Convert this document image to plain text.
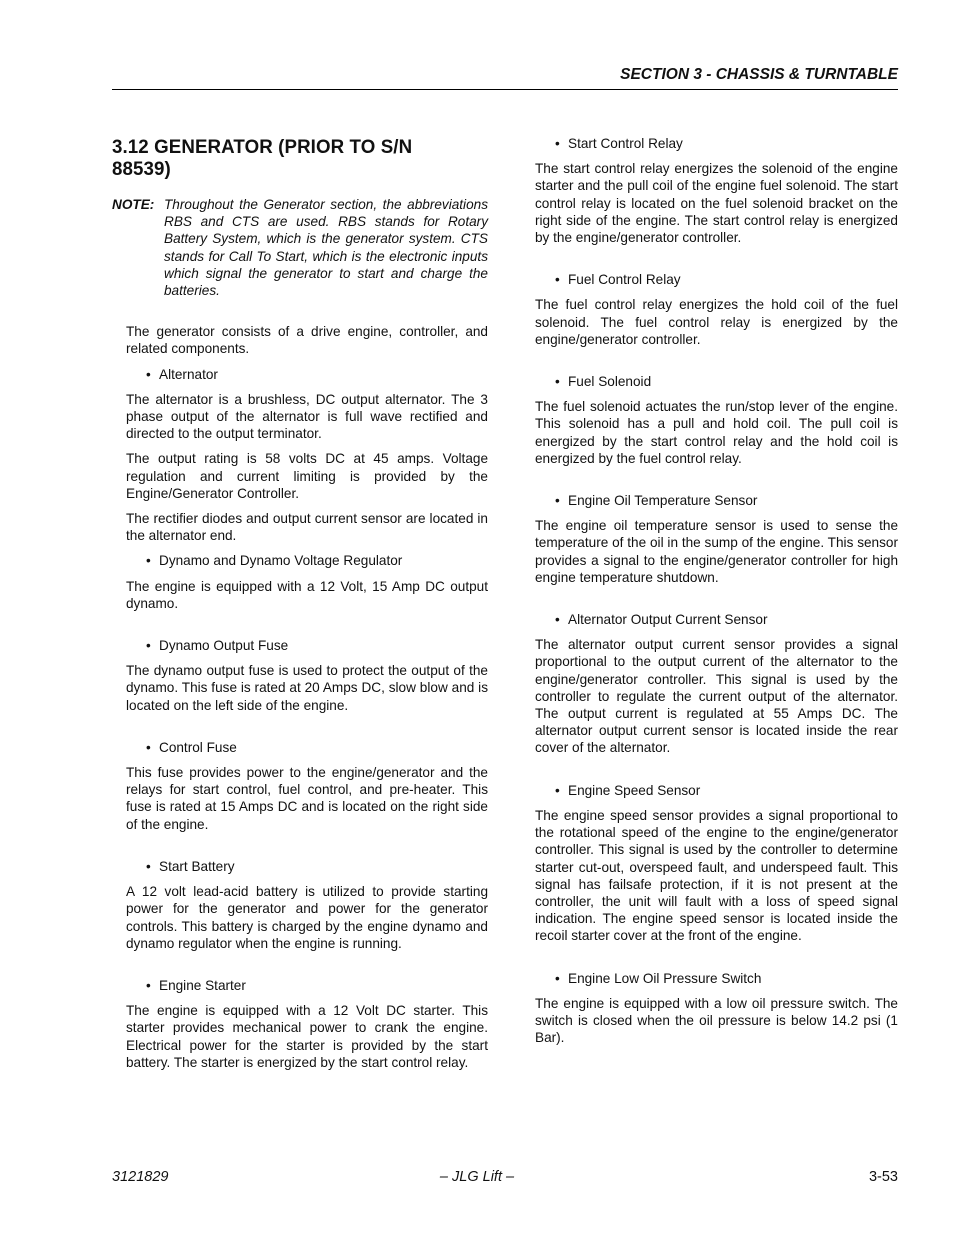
SECTION 3 - CHASSIS & TURNTABLE
3.12 GENERATOR (PRIOR TO S/N 88539)
NOTE: Throughout the Generator section, the abbreviations RBS and CTS are used. RBS stands for Rotary Battery System, which is the generator system. CTS stands for Call To Start, which is the electronic inputs which signal the generator to start and charge the batteries.

The generator consists of a drive engine, controller, and related components.

• Alternator

The alternator is a brushless, DC output alternator. The 3 phase output of the alternator is full wave rectified and directed to the output terminator.

The output rating is 58 volts DC at 45 amps. Voltage regulation and current limiting is provided by the Engine/Generator Controller.

The rectifier diodes and output current sensor are located in the alternator end.

• Dynamo and Dynamo Voltage Regulator

The engine is equipped with a 12 Volt, 15 Amp DC output dynamo.

• Dynamo Output Fuse

The dynamo output fuse is used to protect the output of the dynamo. This fuse is rated at 20 Amps DC, slow blow and is located on the left side of the engine.

• Control Fuse

This fuse provides power to the engine/generator and the relays for start control, fuel control, and pre-heater. This fuse is rated at 15 Amps DC and is located on the right side of the engine.

• Start Battery

A 12 volt lead-acid battery is utilized to provide starting power for the generator and power for the generator controls. This battery is charged by the engine dynamo and dynamo regulator when the engine is running.

• Engine Starter

The engine is equipped with a 12 Volt DC starter. This starter provides mechanical power to crank the engine. Electrical power for the starter is provided by the start battery. The starter is energized by the start control relay.

• Start Control Relay

The start control relay energizes the solenoid of the engine starter and the pull coil of the engine fuel solenoid. The start control relay is located on the fuel solenoid bracket on the right side of the engine. The start control relay is energized by the engine/generator controller.

• Fuel Control Relay

The fuel control relay energizes the hold coil of the fuel solenoid. The fuel control relay is energized by the engine/generator controller.

• Fuel Solenoid

The fuel solenoid actuates the run/stop lever of the engine. This solenoid has a pull and hold coil. The pull coil is energized by the start control relay and the hold coil is energized by the fuel control relay.

• Engine Oil Temperature Sensor

The engine oil temperature sensor is used to sense the temperature of the oil in the sump of the engine. This sensor provides a signal to the engine/generator controller for high engine temperature shutdown.

• Alternator Output Current Sensor

The alternator output current sensor provides a signal proportional to the output current of the alternator to the engine/generator controller. This signal is used by the controller to regulate the current output of the alternator. The output current is regulated at 55 Amps DC. The alternator output current sensor is located inside the rear cover of the alternator.

• Engine Speed Sensor

The engine speed sensor provides a signal proportional to the rotational speed of the engine to the engine/generator controller. This signal is used by the controller to determine starter cut-out, overspeed fault, and underspeed fault. This signal has failsafe protection, if it is not present at the controller, the unit will fault with a loss of speed signal indication. The engine speed sensor is located inside the recoil starter cover at the front of the engine.

• Engine Low Oil Pressure Switch

The engine is equipped with a low oil pressure switch. The switch is closed when the oil pressure is below 14.2 psi (1 Bar).

3121829	– JLG Lift –	3-53
